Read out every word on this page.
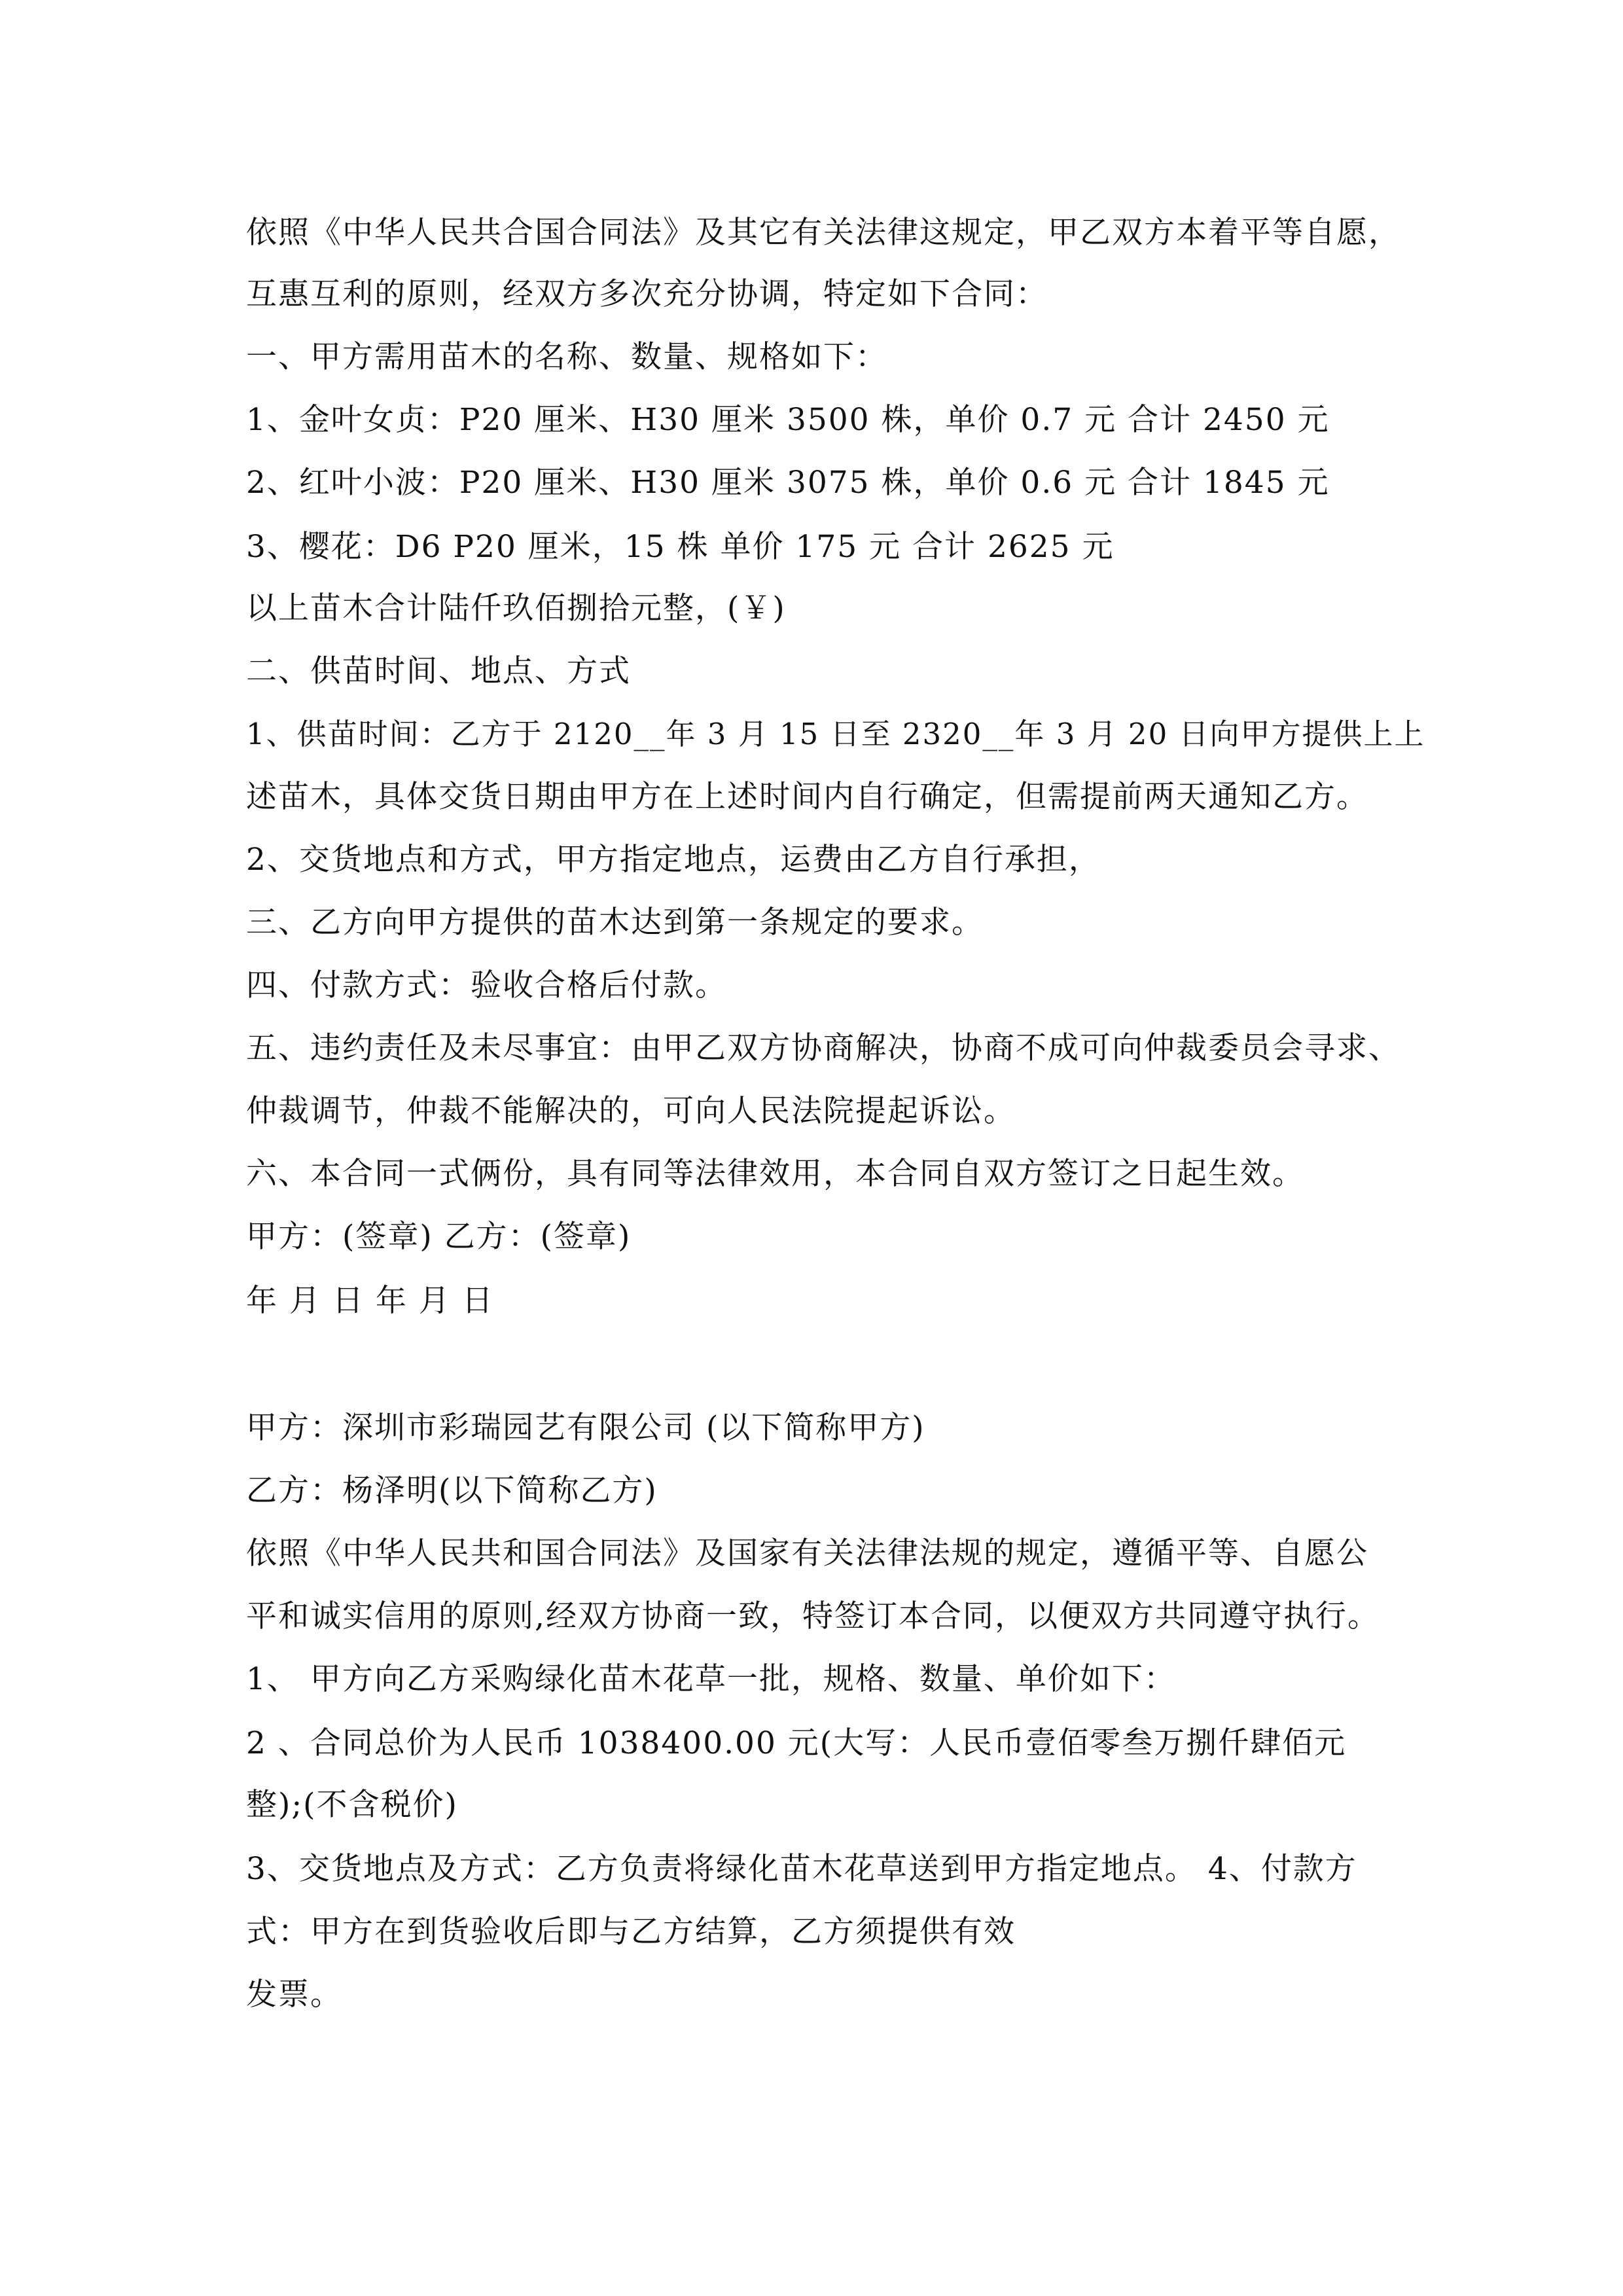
依照《中华人民共合国合同法》及其它有关法律这规定，甲乙双方本着平等自愿，
互惠互利的原则，经双方多次充分协调，特定如下合同：
一、甲方需用苗木的名称、数量、规格如下：
1、金叶女贞：P20 厘米、H30 厘米 3500 株，单价 0.7 元 合计 2450 元
2、红叶小波：P20 厘米、H30 厘米 3075 株，单价 0.6 元 合计 1845 元
3、樱花：D6 P20 厘米，15 株 单价 175 元 合计 2625 元
以上苗木合计陆仟玖佰捌拾元整，(￥)
二、供苗时间、地点、方式
1、供苗时间：乙方于 2120__年 3 月 15 日至 2320__年 3 月 20 日向甲方提供上上
述苗木，具体交货日期由甲方在上述时间内自行确定，但需提前两天通知乙方。
2、交货地点和方式，甲方指定地点，运费由乙方自行承担，
三、乙方向甲方提供的苗木达到第一条规定的要求。
四、付款方式：验收合格后付款。
五、违约责任及未尽事宜：由甲乙双方协商解决，协商不成可向仲裁委员会寻求、
仲裁调节，仲裁不能解决的，可向人民法院提起诉讼。
六、本合同一式俩份，具有同等法律效用，本合同自双方签订之日起生效。
甲方：(签章) 乙方：(签章)
年 月 日 年 月 日
甲方：深圳市彩瑞园艺有限公司 (以下简称甲方)
乙方：杨泽明(以下简称乙方)
依照《中华人民共和国合同法》及国家有关法律法规的规定，遵循平等、自愿公
平和诚实信用的原则,经双方协商一致，特签订本合同，以便双方共同遵守执行。
1、 甲方向乙方采购绿化苗木花草一批，规格、数量、单价如下：
2 、合同总价为人民币 1038400.00 元(大写：人民币壹佰零叁万捌仟肆佰元
整);(不含税价)
3、交货地点及方式：乙方负责将绿化苗木花草送到甲方指定地点。 4、付款方
式：甲方在到货验收后即与乙方结算，乙方须提供有效
发票。
